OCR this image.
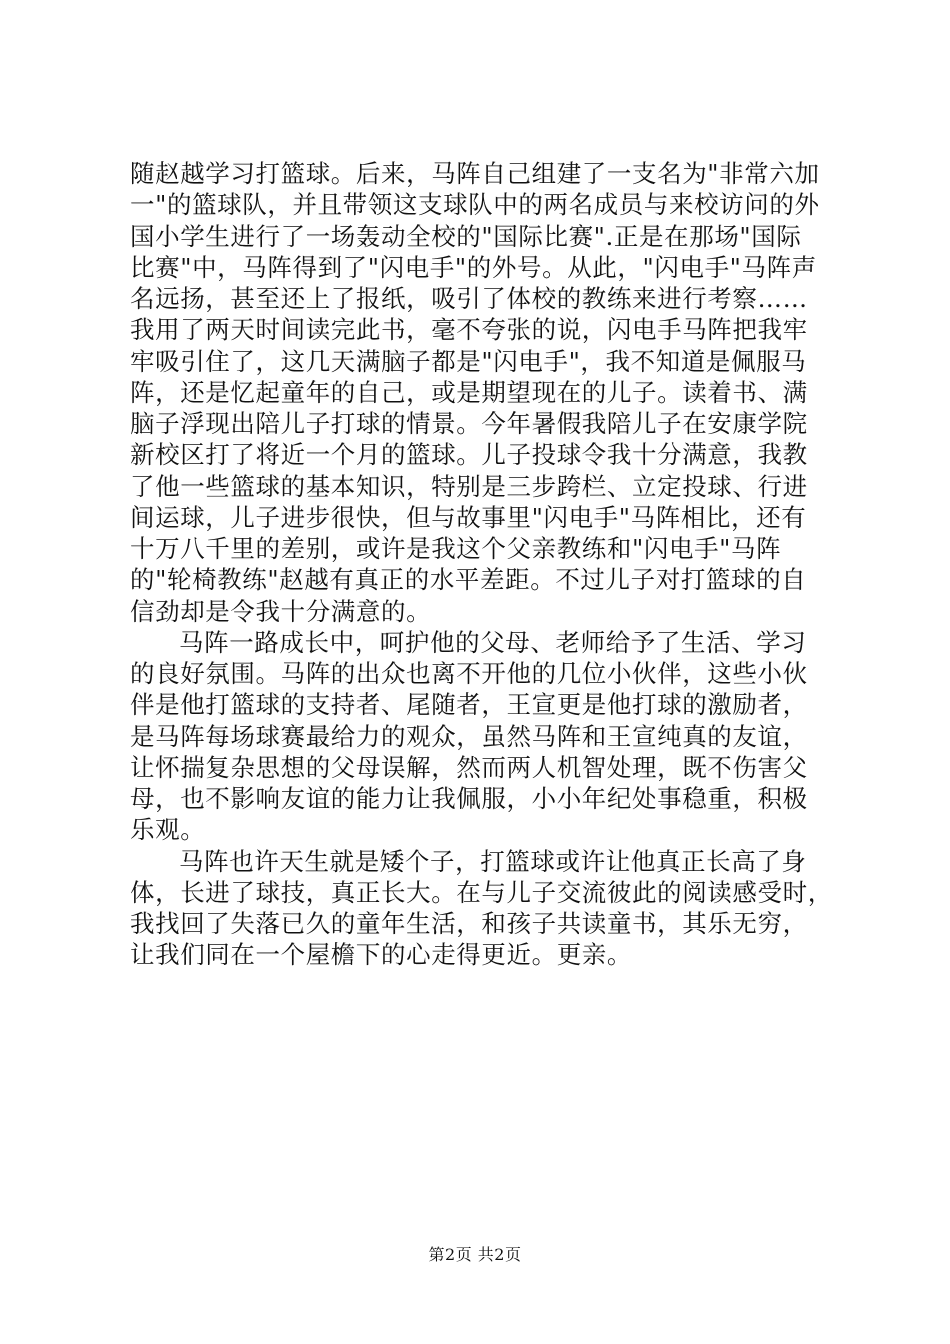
随赵越学习打篮球。后来，马阵自己组建了一支名为"非常六加
一"的篮球队，并且带领这支球队中的两名成员与来校访问的外
国小学生进行了一场轰动全校的"国际比赛".正是在那场"国际
比赛"中，马阵得到了"闪电手"的外号。从此，"闪电手"马阵声
名远扬，甚至还上了报纸，吸引了体校的教练来进行考察……
我用了两天时间读完此书，毫不夸张的说，闪电手马阵把我牢
牢吸引住了，这几天满脑子都是"闪电手"，我不知道是佩服马
阵，还是忆起童年的自己，或是期望现在的儿子。读着书、满
脑子浮现出陪儿子打球的情景。今年暑假我陪儿子在安康学院
新校区打了将近一个月的篮球。儿子投球令我十分满意，我教
了他一些篮球的基本知识，特别是三步跨栏、立定投球、行进
间运球，儿子进步很快，但与故事里"闪电手"马阵相比，还有
十万八千里的差别，或许是我这个父亲教练和"闪电手"马阵
的"轮椅教练"赵越有真正的水平差距。不过儿子对打篮球的自
信劲却是令我十分满意的。
马阵一路成长中，呵护他的父母、老师给予了生活、学习
的良好氛围。马阵的出众也离不开他的几位小伙伴，这些小伙
伴是他打篮球的支持者、尾随者，王宣更是他打球的激励者，
是马阵每场球赛最给力的观众，虽然马阵和王宣纯真的友谊，
让怀揣复杂思想的父母误解，然而两人机智处理，既不伤害父
母，也不影响友谊的能力让我佩服，小小年纪处事稳重，积极
乐观。
马阵也许天生就是矮个子，打篮球或许让他真正长高了身
体，长进了球技，真正长大。在与儿子交流彼此的阅读感受时，
我找回了失落已久的童年生活，和孩子共读童书，其乐无穷，
让我们同在一个屋檐下的心走得更近。更亲。
第2页 共2页
